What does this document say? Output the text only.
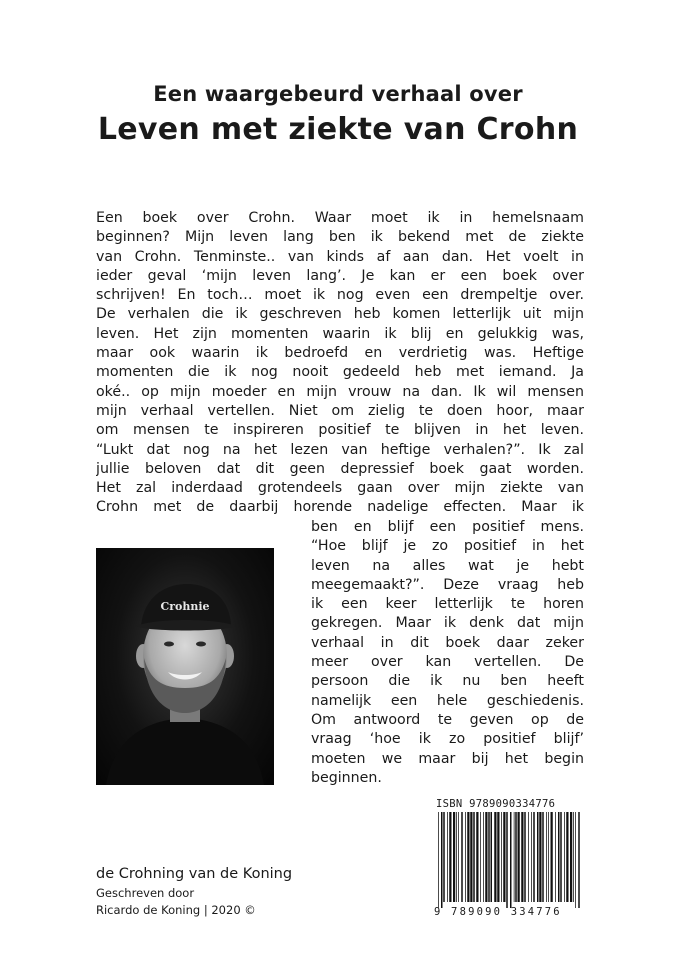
Een waargebeurd verhaal over
Leven met ziekte van Crohn
Een boek over Crohn. Waar moet ik in hemelsnaam
beginnen? Mijn leven lang ben ik bekend met de ziekte
van Crohn. Tenminste.. van kinds af aan dan. Het voelt in
ieder geval ‘mijn leven lang’. Je kan er een boek over
schrijven! En toch… moet ik nog even een drempeltje over.
De verhalen die ik geschreven heb komen letterlijk uit mijn
leven. Het zijn momenten waarin ik blij en gelukkig was,
maar ook waarin ik bedroefd en verdrietig was. Heftige
momenten die ik nog nooit gedeeld heb met iemand. Ja
oké.. op mijn moeder en mijn vrouw na dan. Ik wil mensen
mijn verhaal vertellen. Niet om zielig te doen hoor, maar
om mensen te inspireren positief te blijven in het leven.
“Lukt dat nog na het lezen van heftige verhalen?”. Ik zal
jullie beloven dat dit geen depressief boek gaat worden.
Het zal inderdaad grotendeels gaan over mijn ziekte van
Crohn met de daarbij horende nadelige effecten. Maar ik
Crohnie
ben en blijf een positief mens.
“Hoe blijf je zo positief in het
leven na alles wat je hebt
meegemaakt?”. Deze vraag heb
ik een keer letterlijk te horen
gekregen. Maar ik denk dat mijn
verhaal in dit boek daar zeker
meer over kan vertellen. De
persoon die ik nu ben heeft
namelijk een hele geschiedenis.
Om antwoord te geven op de
vraag ‘hoe ik zo positief blijf’
moeten we maar bij het begin
beginnen.
ISBN 9789090334776
9 789090 334776
de Crohning van de Koning
Geschreven door
Ricardo de Koning | 2020 ©
